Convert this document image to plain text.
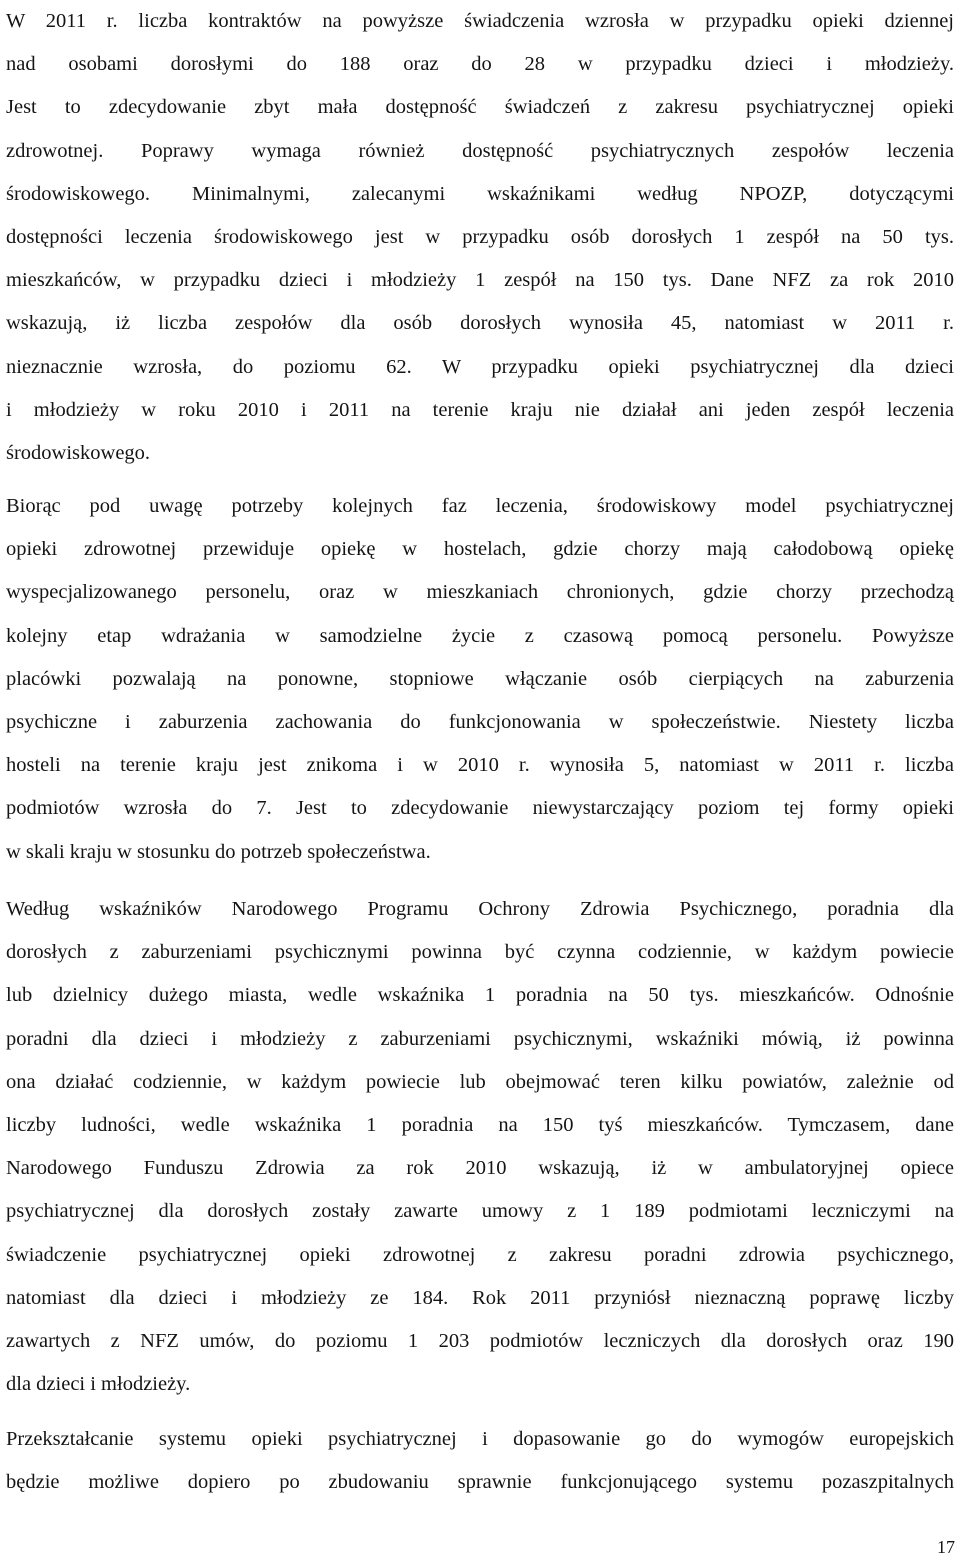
W 2011 r. liczba kontraktów na powyższe świadczenia wzrosła w przypadku opieki dziennej
nad osobami dorosłymi do 188 oraz do 28 w przypadku dzieci i młodzieży.
Jest to zdecydowanie zbyt mała dostępność świadczeń z zakresu psychiatrycznej opieki
zdrowotnej. Poprawy wymaga również dostępność psychiatrycznych zespołów leczenia
środowiskowego. Minimalnymi, zalecanymi wskaźnikami według NPOZP, dotyczącymi
dostępności leczenia środowiskowego jest w przypadku osób dorosłych 1 zespół na 50 tys.
mieszkańców, w przypadku dzieci i młodzieży 1 zespół na 150 tys. Dane NFZ za rok 2010
wskazują, iż liczba zespołów dla osób dorosłych wynosiła 45, natomiast w 2011 r.
nieznacznie wzrosła, do poziomu 62. W przypadku opieki psychiatrycznej dla dzieci
i młodzieży w roku 2010 i 2011 na terenie kraju nie działał ani jeden zespół leczenia
środowiskowego.
Biorąc pod uwagę potrzeby kolejnych faz leczenia, środowiskowy model psychiatrycznej
opieki zdrowotnej przewiduje opiekę w hostelach, gdzie chorzy mają całodobową opiekę
wyspecjalizowanego personelu, oraz w mieszkaniach chronionych, gdzie chorzy przechodzą
kolejny etap wdrażania w samodzielne życie z czasową pomocą personelu. Powyższe
placówki pozwalają na ponowne, stopniowe włączanie osób cierpiących na zaburzenia
psychiczne i zaburzenia zachowania do funkcjonowania w społeczeństwie. Niestety liczba
hosteli na terenie kraju jest znikoma i w 2010 r. wynosiła 5, natomiast w 2011 r. liczba
podmiotów wzrosła do 7. Jest to zdecydowanie niewystarczający poziom tej formy opieki
w skali kraju w stosunku do potrzeb społeczeństwa.
Według wskaźników Narodowego Programu Ochrony Zdrowia Psychicznego, poradnia dla
dorosłych z zaburzeniami psychicznymi powinna być czynna codziennie, w każdym powiecie
lub dzielnicy dużego miasta, wedle wskaźnika 1 poradnia na 50 tys. mieszkańców. Odnośnie
poradni dla dzieci i młodzieży z zaburzeniami psychicznymi, wskaźniki mówią, iż powinna
ona działać codziennie, w każdym powiecie lub obejmować teren kilku powiatów, zależnie od
liczby ludności, wedle wskaźnika 1 poradnia na 150 tyś mieszkańców. Tymczasem, dane
Narodowego Funduszu Zdrowia za rok 2010 wskazują, iż w ambulatoryjnej opiece
psychiatrycznej dla dorosłych zostały zawarte umowy z 1 189 podmiotami leczniczymi na
świadczenie psychiatrycznej opieki zdrowotnej z zakresu poradni zdrowia psychicznego,
natomiast dla dzieci i młodzieży ze 184. Rok 2011 przyniósł nieznaczną poprawę liczby
zawartych z NFZ umów, do poziomu 1 203 podmiotów leczniczych dla dorosłych oraz 190
dla dzieci i młodzieży.
Przekształcanie systemu opieki psychiatrycznej i dopasowanie go do wymogów europejskich
będzie możliwe dopiero po zbudowaniu sprawnie funkcjonującego systemu pozaszpitalnych
17
